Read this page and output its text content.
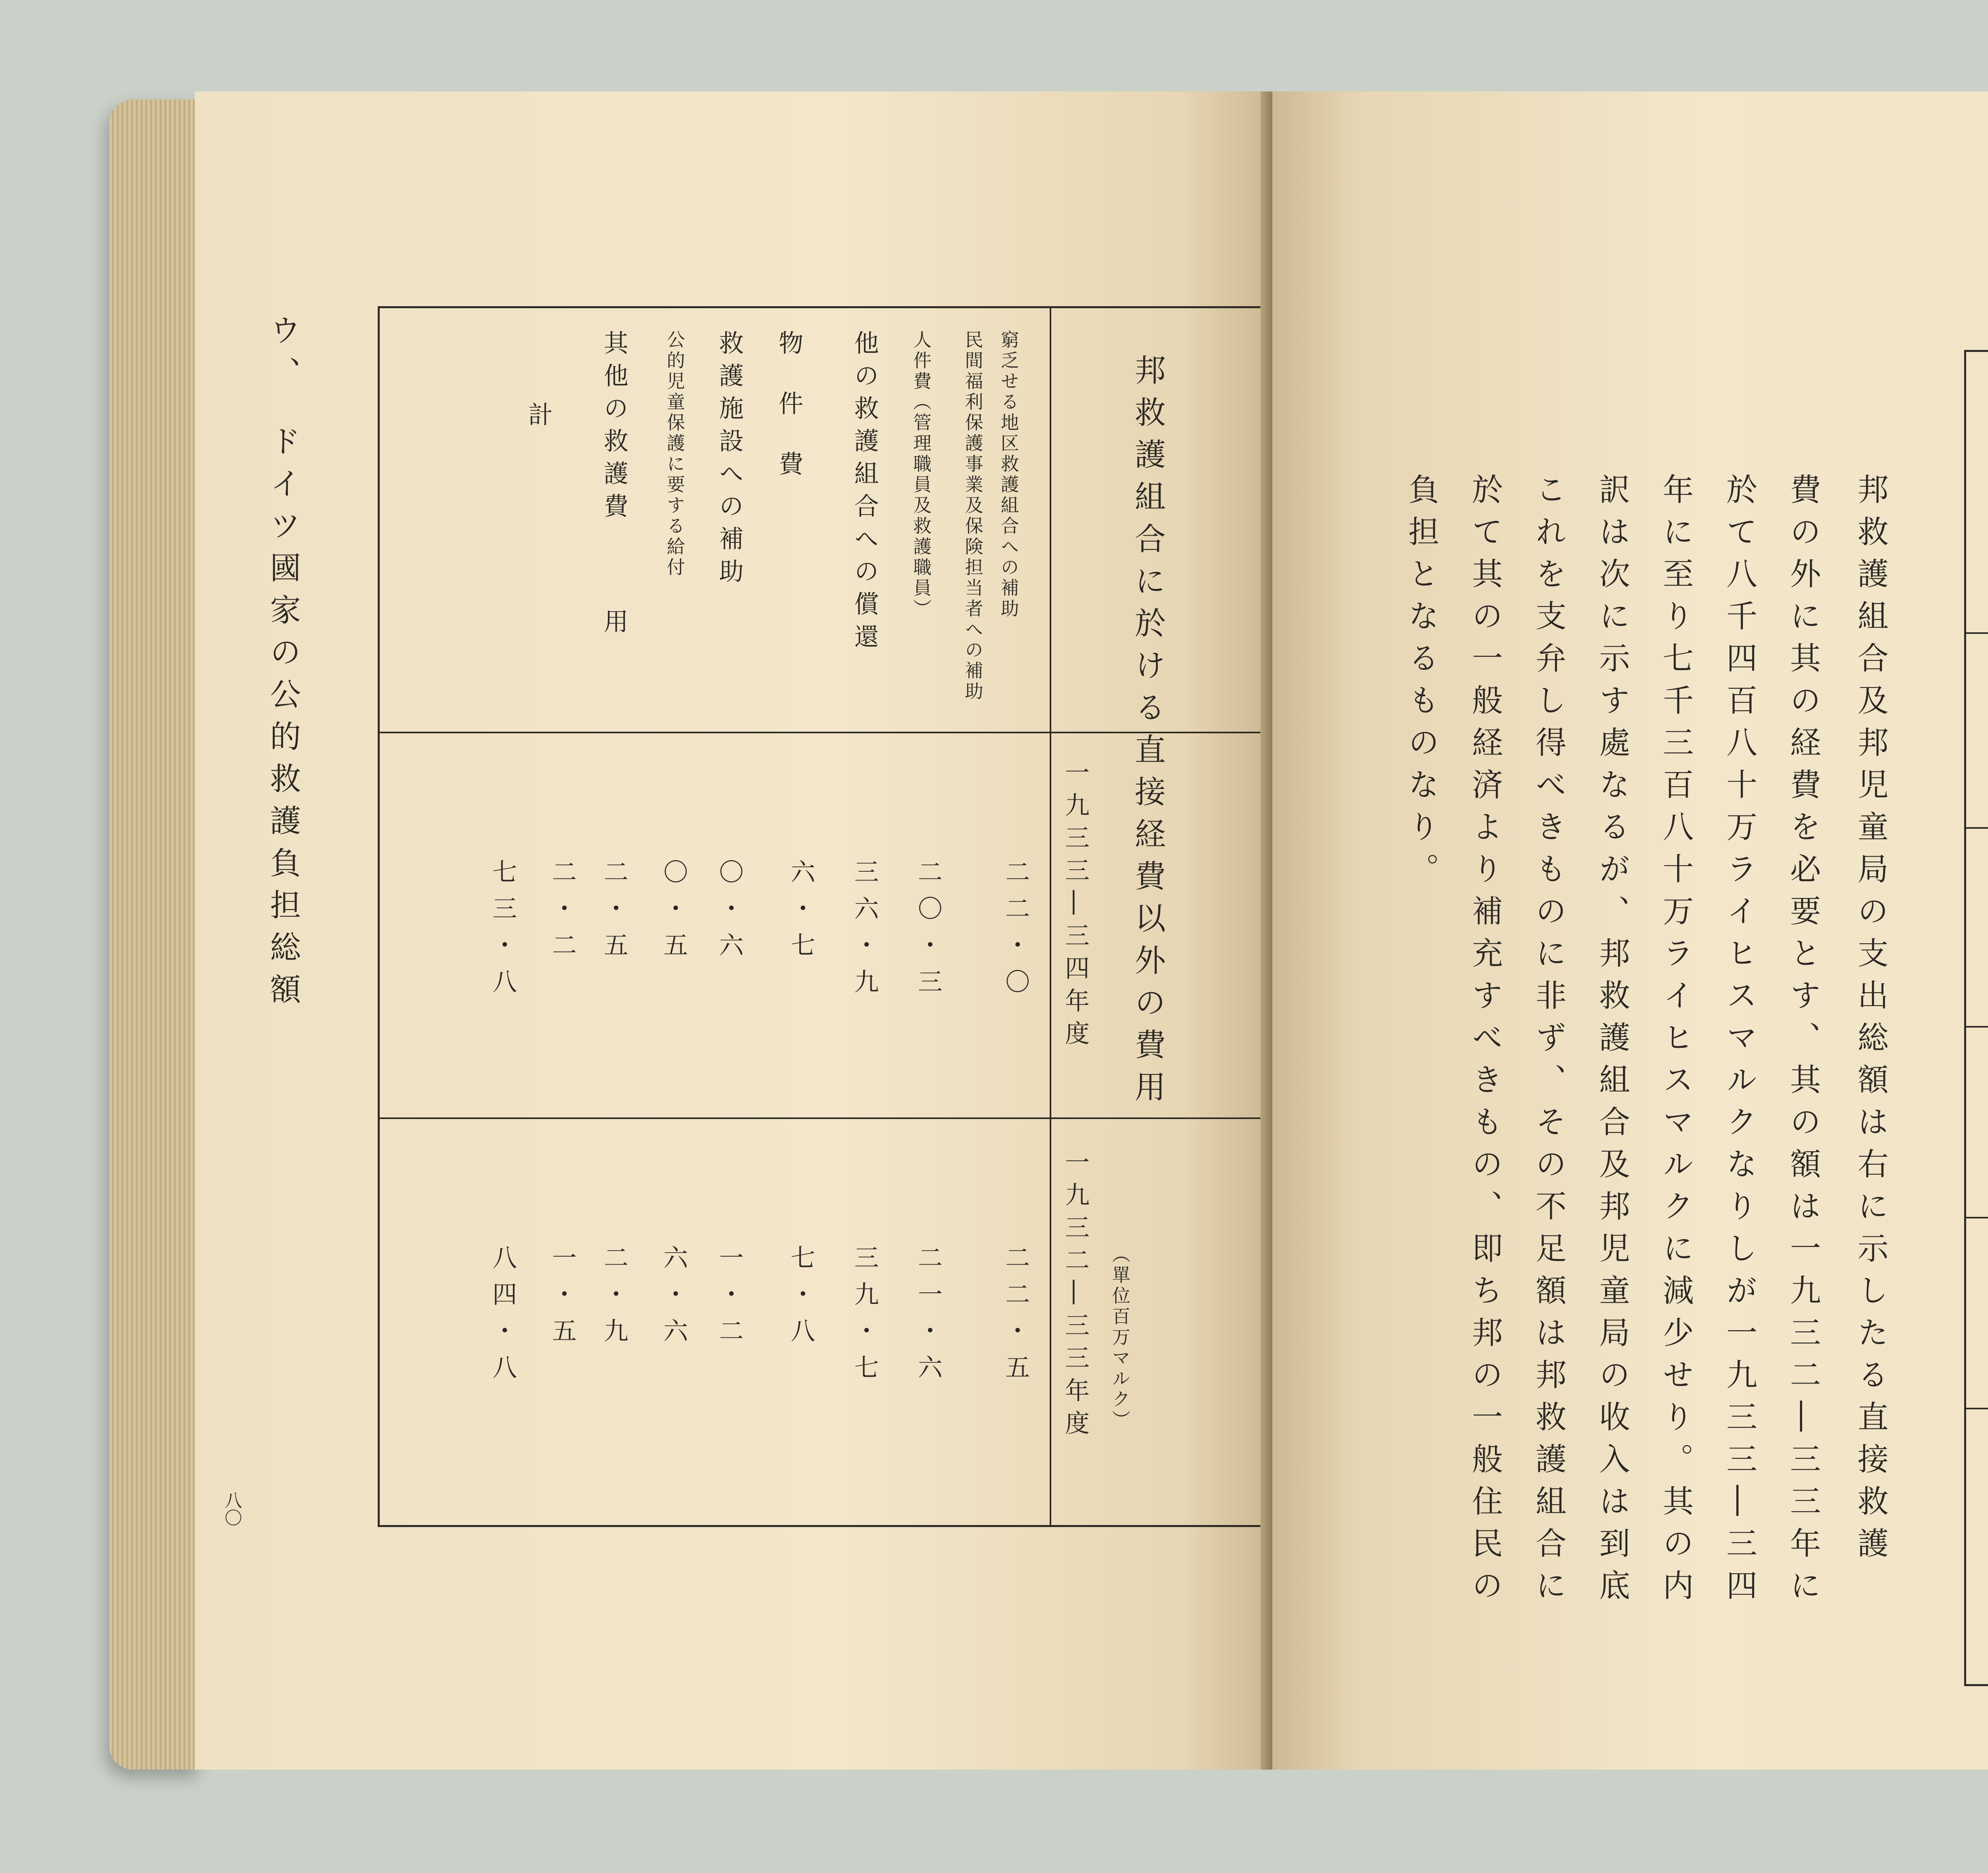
ウ、　ドイツ國家の公的救護負担総額	邦救護組合に於ける直接経費以外の費用
（單位百万マルク）
一九三三―三四年度
一九三二―三三年度
窮乏せる地区救護組合への補助
民間福利保護事業及保険担当者への補助
人件費（管理職員及救護職員）
他の救護組合への償還
物件費
救護施設への補助
公的児童保護に要する給付
其他の救護費
用
計
二二・〇
二二・五
二〇・三
二一・六
三六・九
三九・七
六・七
七・八
〇・六
一・二
〇・五
六・六
二・五
二・九
二・二
一・五
七三・八
八四・八
八〇	邦救護組合及邦児童局の支出総額は右に示したる直接救護
費の外に其の経費を必要とす、其の額は一九三二―三三年に
於て八千四百八十万ライヒスマルクなりしが一九三三―三四
年に至り七千三百八十万ライヒスマルクに減少せり。其の内
訳は次に示す處なるが、邦救護組合及邦児童局の收入は到底
これを支弁し得べきものに非ず、その不足額は邦救護組合に
於て其の一般経済より補充すべきもの、即ち邦の一般住民の
負担となるものなり。
